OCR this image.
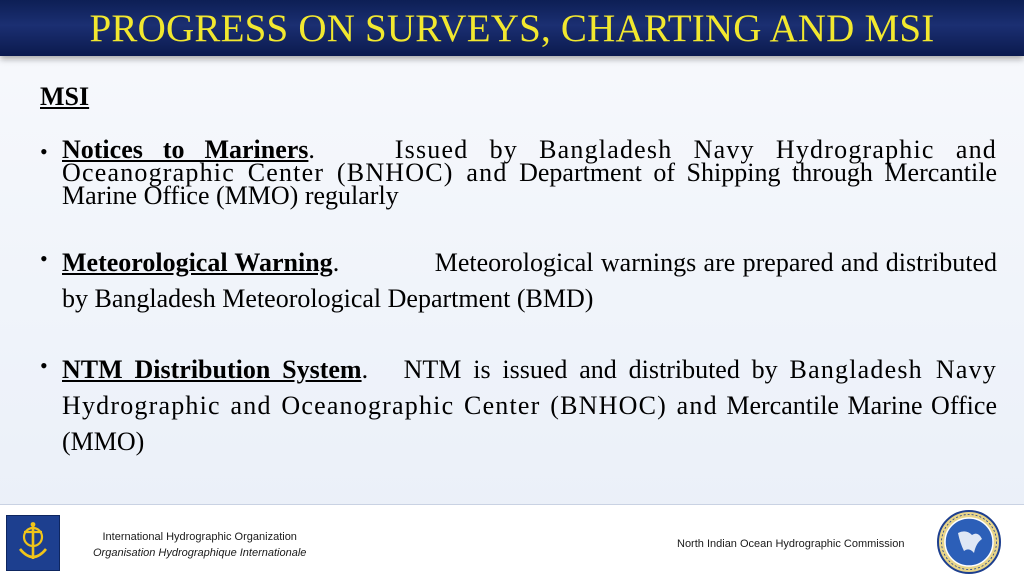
PROGRESS ON SURVEYS, CHARTING AND MSI
MSI
• Notices to Mariners.	Issued by Bangladesh Navy Hydrographic and Oceanographic Center (BNHOC) and Department of Shipping through Mercantile Marine Office (MMO) regularly
• Meteorological Warning.	Meteorological warnings are prepared and distributed by Bangladesh Meteorological Department (BMD)
• NTM Distribution System. NTM is issued and distributed by Bangladesh Navy Hydrographic and Oceanographic Center (BNHOC) and Mercantile Marine Office (MMO)
International Hydrographic Organization
Organisation Hydrographique Internationale
North Indian Ocean Hydrographic Commission
